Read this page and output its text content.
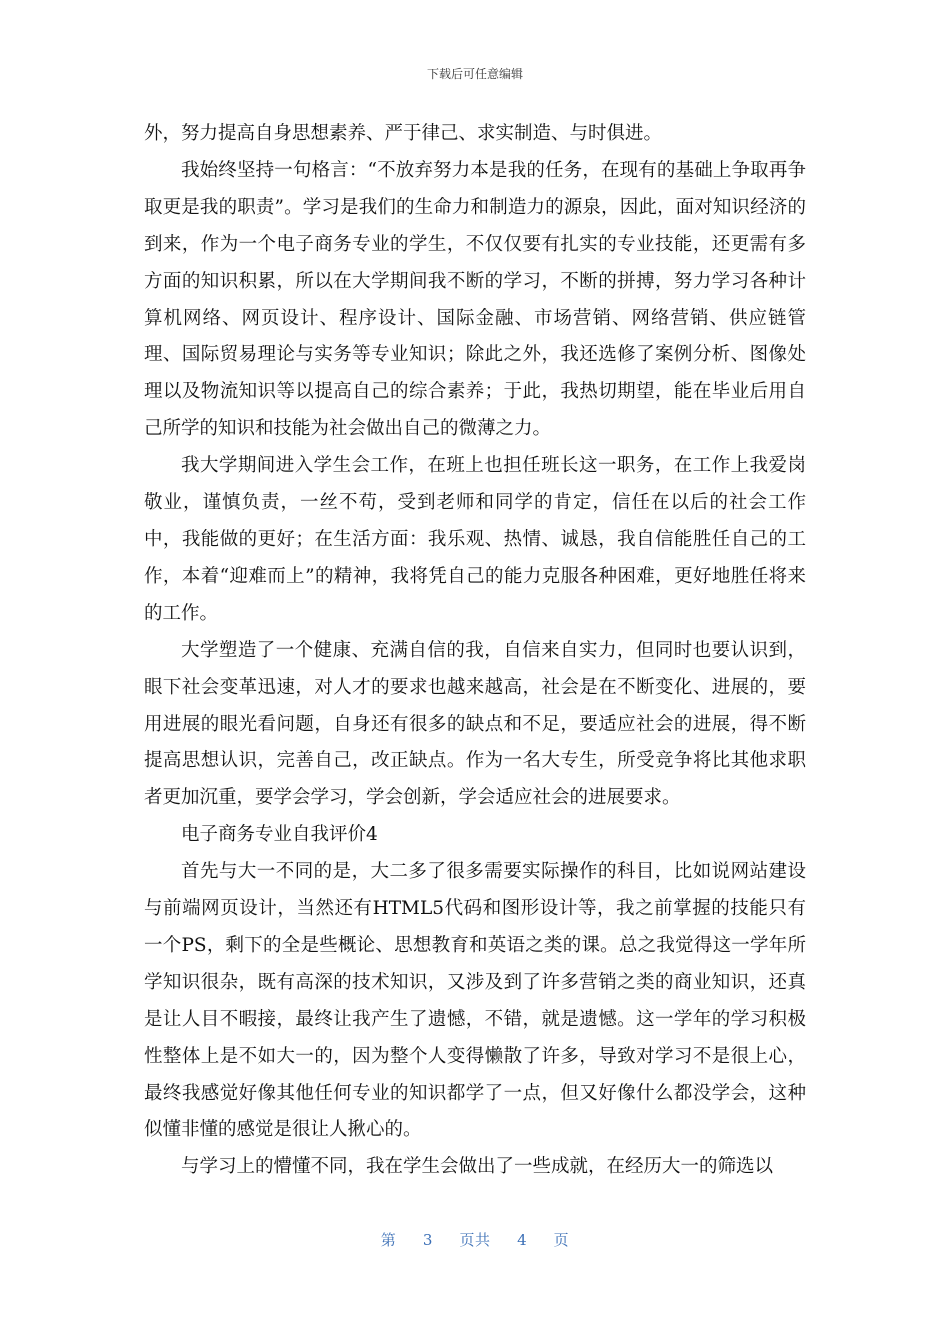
下载后可任意编辑

外，努力提高自身思想素养、严于律己、求实制造、与时俱进。

我始终坚持一句格言：“不放弃努力本是我的任务，在现有的基础上争取再争取更是我的职责”。学习是我们的生命力和制造力的源泉，因此，面对知识经济的到来，作为一个电子商务专业的学生，不仅仅要有扎实的专业技能，还更需有多方面的知识积累，所以在大学期间我不断的学习，不断的拼搏，努力学习各种计算机网络、网页设计、程序设计、国际金融、市场营销、网络营销、供应链管理、国际贸易理论与实务等专业知识；除此之外，我还选修了案例分析、图像处理以及物流知识等以提高自己的综合素养；于此，我热切期望，能在毕业后用自己所学的知识和技能为社会做出自己的微薄之力。

我大学期间进入学生会工作，在班上也担任班长这一职务，在工作上我爱岗敬业，谨慎负责，一丝不苟，受到老师和同学的肯定，信任在以后的社会工作中，我能做的更好；在生活方面：我乐观、热情、诚恳，我自信能胜任自己的工作，本着“迎难而上”的精神，我将凭自己的能力克服各种困难，更好地胜任将来的工作。

大学塑造了一个健康、充满自信的我，自信来自实力，但同时也要认识到，眼下社会变革迅速，对人才的要求也越来越高，社会是在不断变化、进展的，要用进展的眼光看问题，自身还有很多的缺点和不足，要适应社会的进展，得不断提高思想认识，完善自己，改正缺点。作为一名大专生，所受竞争将比其他求职者更加沉重，要学会学习，学会创新，学会适应社会的进展要求。

电子商务专业自我评价4

首先与大一不同的是，大二多了很多需要实际操作的科目，比如说网站建设与前端网页设计，当然还有HTML5代码和图形设计等，我之前掌握的技能只有一个PS，剩下的全是些概论、思想教育和英语之类的课。总之我觉得这一学年所学知识很杂，既有高深的技术知识，又涉及到了许多营销之类的商业知识，还真是让人目不暇接，最终让我产生了遗憾，不错，就是遗憾。这一学年的学习积极性整体上是不如大一的，因为整个人变得懒散了许多，导致对学习不是很上心，最终我感觉好像其他任何专业的知识都学了一点，但又好像什么都没学会，这种似懂非懂的感觉是很让人揪心的。

与学习上的懵懂不同，我在学生会做出了一些成就，在经历大一的筛选以

第 3 页共 4 页
